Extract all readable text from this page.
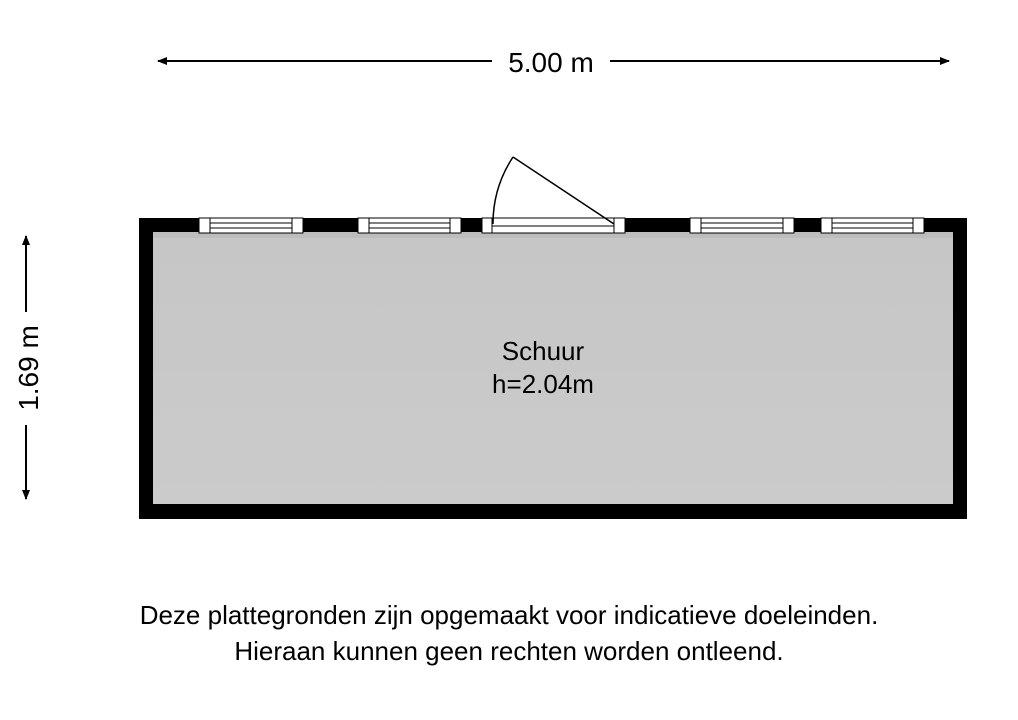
5.00 m
1.69 m	Schuur
h=2.04m
Deze plattegronden zijn opgemaakt voor indicatieve doeleinden.
Hieraan kunnen geen rechten worden ontleend.
